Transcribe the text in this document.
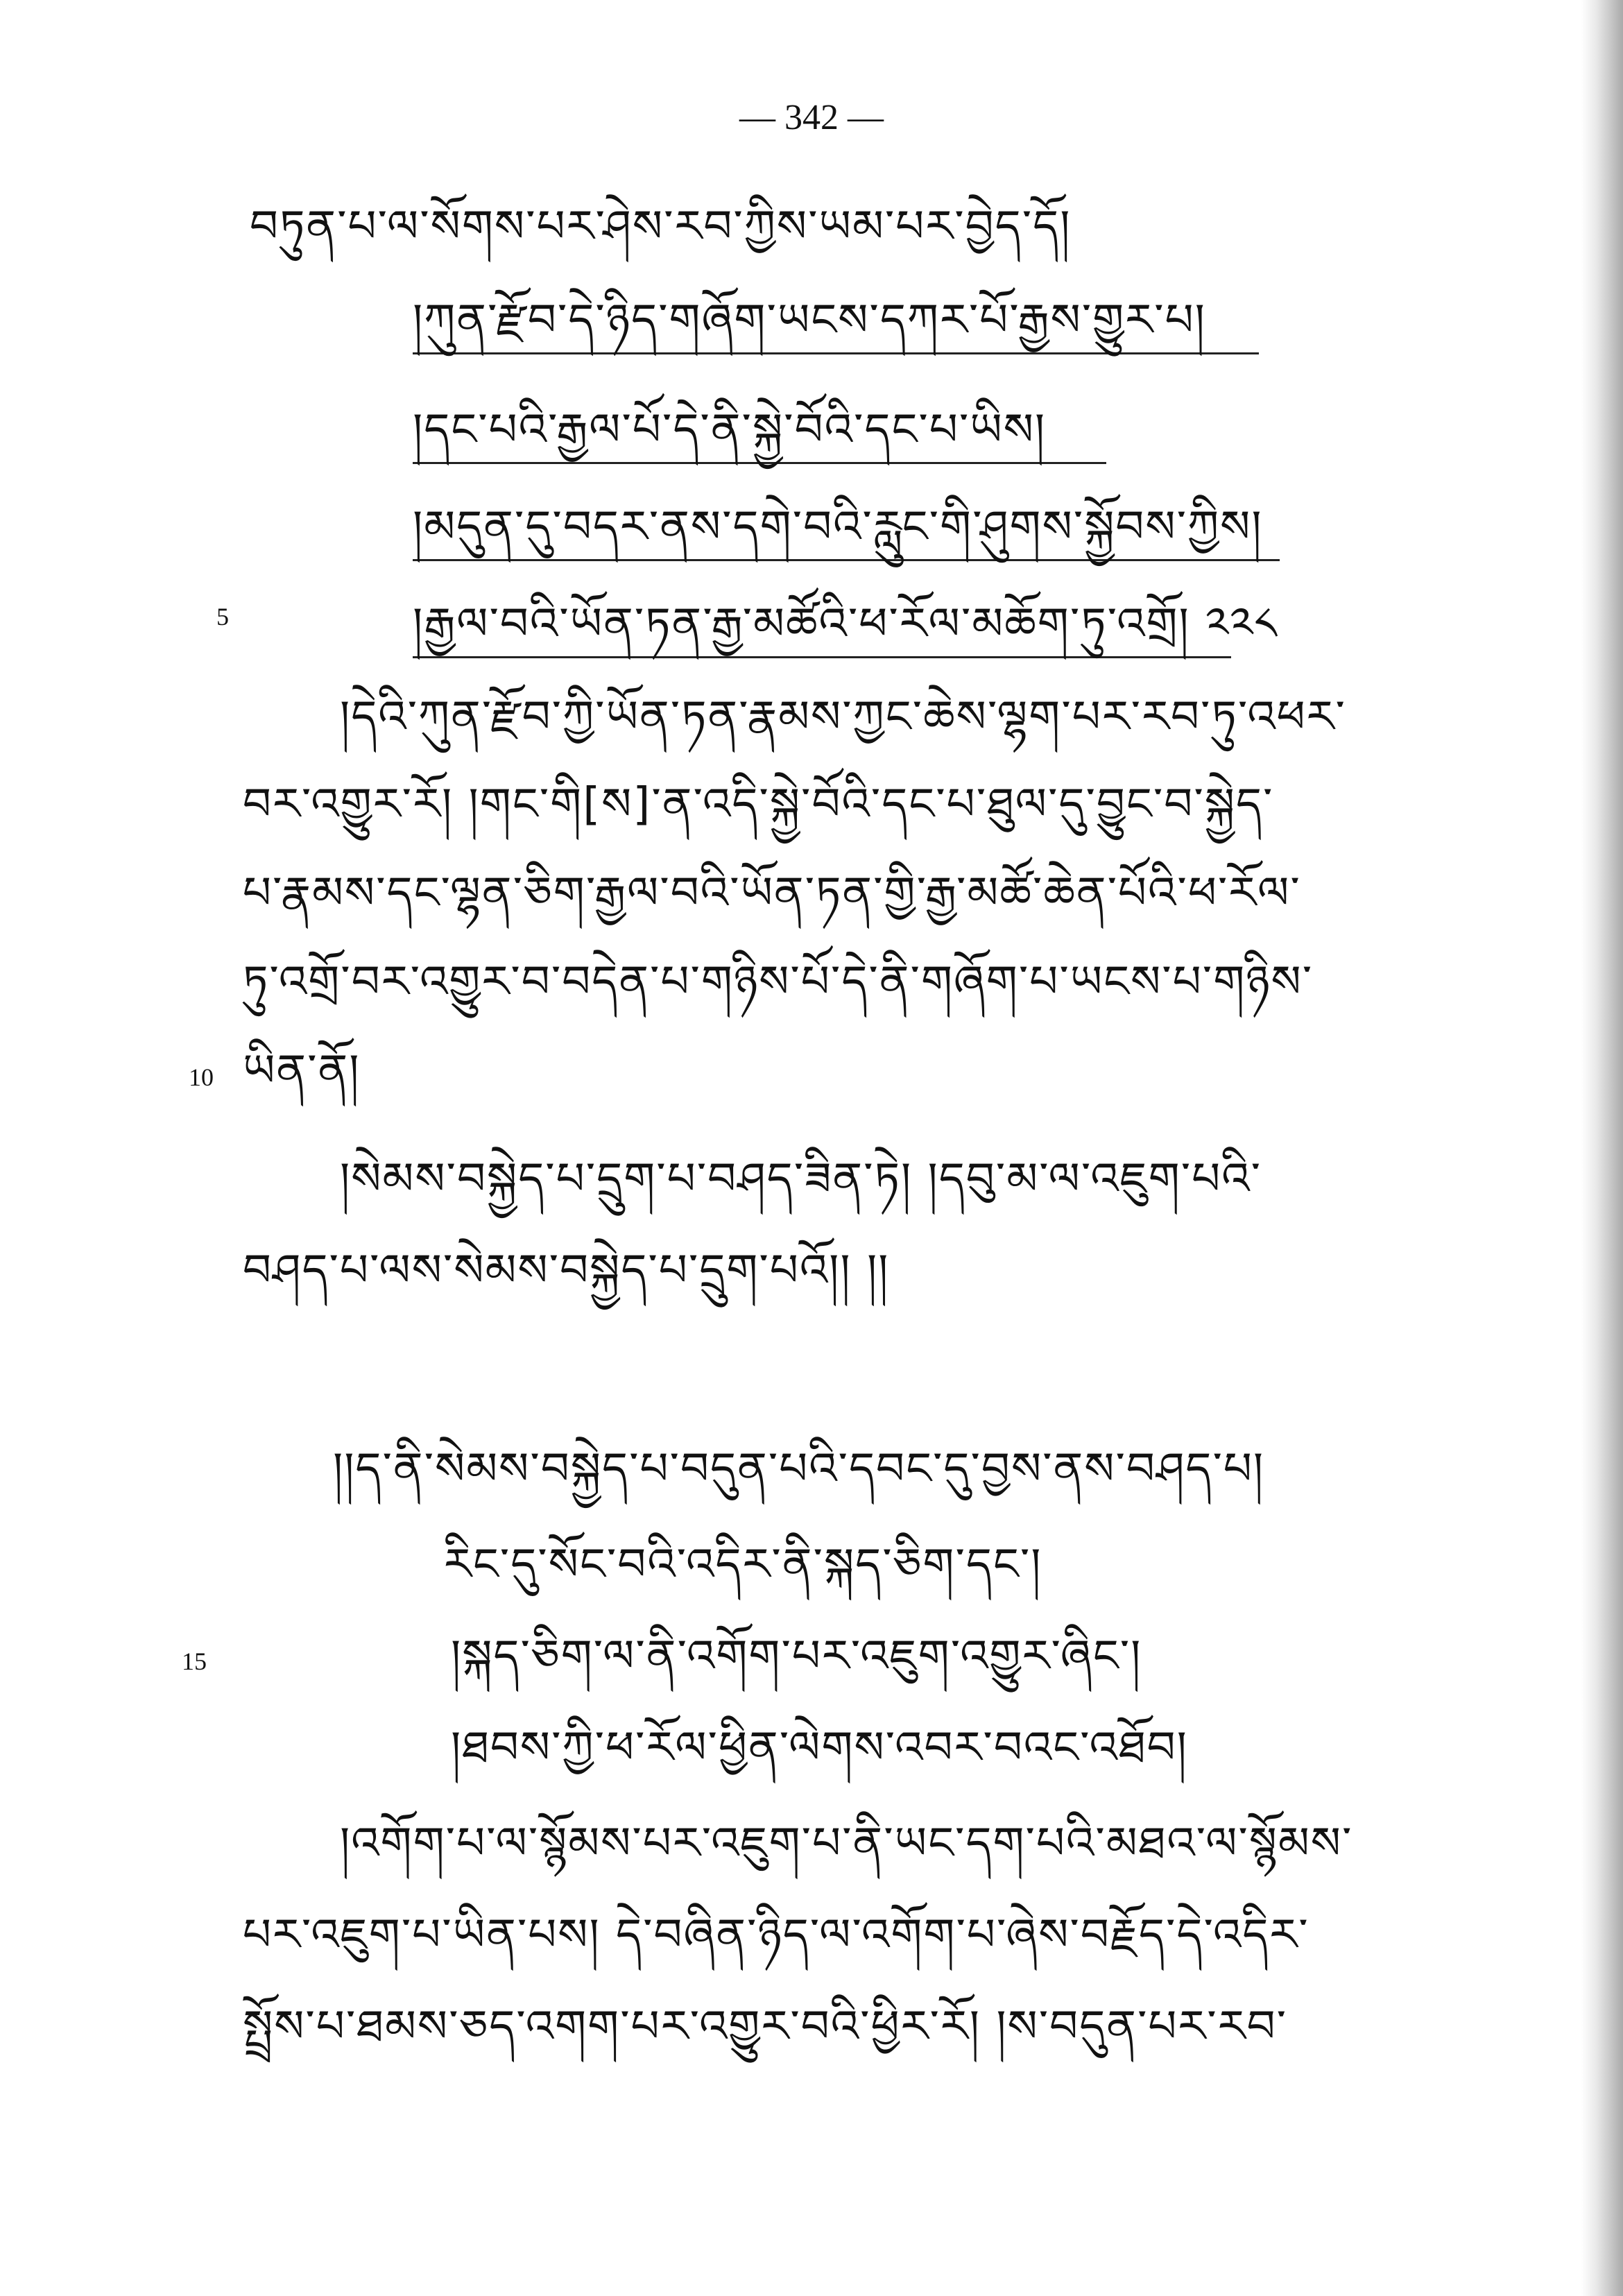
— 342 —
བཏུན་པ་ལ་སོགས་པར་ཤེས་རབ་ཀྱིས་ཡམ་པར་བྱེད་དོ།
།ཀུན་རྫོབ་དེ་ཉིད་གཞོག་ཡངས་དཀར་པོ་རྒྱས་གྱུར་པ།
།དང་པའི་རྒྱལ་པོ་དེ་ནི་སྐྱེ་བོའི་དང་པ་ཡིས།
།མདུན་དུ་བདར་ནས་དགེ་བའི་རླུང་གི་ཤུགས་སྐྱོབས་ཀྱིས།
5	།རྒྱལ་བའི་ཡོན་ཏན་རྒྱ་མཚོའི་ཕ་རོལ་མཆོག་ཏུ་འགྲོ། ༢༢༨
།དེའི་ཀུན་རྫོབ་ཀྱི་ཡོན་ཏན་རྣམས་ཀྱང་ཆེས་ལྷག་པར་རབ་ཏུ་འཕར་
བར་འགྱུར་རོ། །གང་གི[ས]་ན་འདི་སྐྱེ་བོའི་དང་པ་ཐུལ་དུ་བྱུང་བ་སྐྱེད་
པ་རྣམས་དང་ལྷན་ཅིག་རྒྱལ་བའི་ཡོན་ཏན་གྱི་རྒྱ་མཚོ་ཆེན་པོའི་ཕ་རོལ་
ཏུ་འགྲོ་བར་འགྱུར་བ་བདེན་པ་གཉིས་པོ་དེ་ནི་གཞོག་པ་ཡངས་པ་གཉིས་
10 ཡིན་ནོ།
།སེམས་བསྐྱེད་པ་དྲུག་པ་བཤད་ཟིན་ཏེ། །དབུ་མ་ལ་འཇུག་པའི་
བཤད་པ་ལས་སེམས་བསྐྱེད་པ་དྲུག་པའོ།། །།
།།ད་ནི་སེམས་བསྐྱེད་པ་བདུན་པའི་དབང་དུ་བྱས་ནས་བཤད་པ།
རིང་དུ་སོང་བའི་འདིར་ནི་སྐད་ཅིག་དང་།
15	།སྐད་ཅིག་ལ་ནི་འགོག་པར་འཇུག་འགྱུར་ཞིང་།
།ཐབས་ཀྱི་ཕ་རོལ་ཕྱིན་ལེགས་འབར་བའང་འཐོབ།
།འགོག་པ་ལ་སྙོམས་པར་འཇུག་པ་ནི་ཡང་དག་པའི་མཐའ་ལ་སྙོམས་
པར་འཇུག་པ་ཡིན་པས། དེ་བཞིན་ཉིད་ལ་འགོག་པ་ཞེས་བརྗོད་དེ་འདིར་
སྤྲོས་པ་ཐམས་ཅད་འགག་པར་འགྱུར་བའི་ཕྱིར་རོ། །ས་བདུན་པར་རབ་
